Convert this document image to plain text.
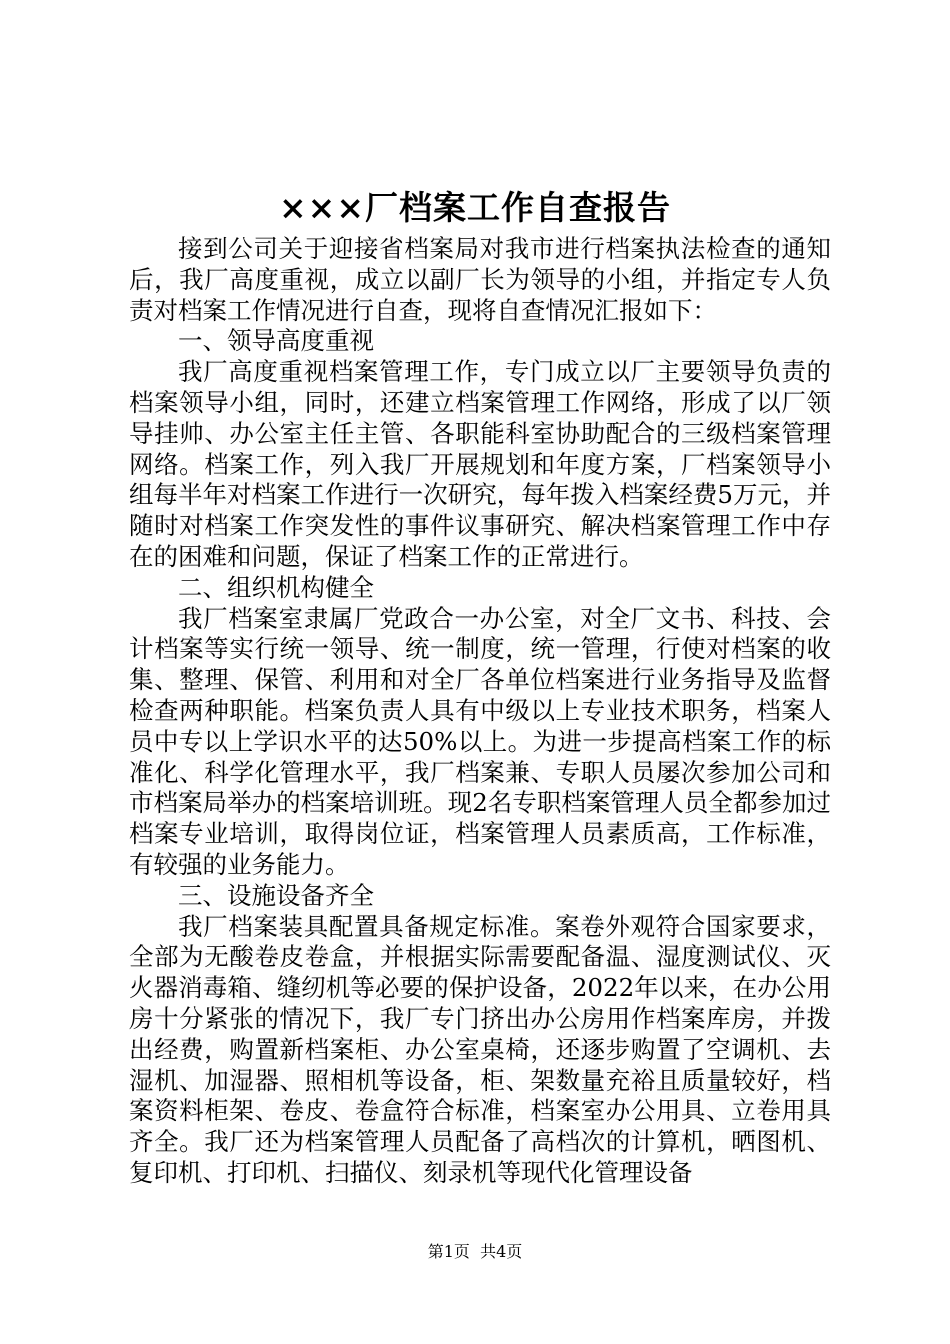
×××厂档案工作自查报告

接到公司关于迎接省档案局对我市进行档案执法检查的通知后，我厂高度重视，成立以副厂长为领导的小组，并指定专人负责对档案工作情况进行自查，现将自查情况汇报如下：

一、领导高度重视

我厂高度重视档案管理工作，专门成立以厂主要领导负责的档案领导小组，同时，还建立档案管理工作网络，形成了以厂领导挂帅、办公室主任主管、各职能科室协助配合的三级档案管理网络。档案工作，列入我厂开展规划和年度方案，厂档案领导小组每半年对档案工作进行一次研究，每年拨入档案经费5万元，并随时对档案工作突发性的事件议事研究、解决档案管理工作中存在的困难和问题，保证了档案工作的正常进行。

二、组织机构健全

我厂档案室隶属厂党政合一办公室，对全厂文书、科技、会计档案等实行统一领导、统一制度，统一管理，行使对档案的收集、整理、保管、利用和对全厂各单位档案进行业务指导及监督检查两种职能。档案负责人具有中级以上专业技术职务，档案人员中专以上学识水平的达50%以上。为进一步提高档案工作的标准化、科学化管理水平，我厂档案兼、专职人员屡次参加公司和市档案局举办的档案培训班。现2名专职档案管理人员全都参加过档案专业培训，取得岗位证，档案管理人员素质高，工作标准，有较强的业务能力。

三、设施设备齐全

我厂档案装具配置具备规定标准。案卷外观符合国家要求，全部为无酸卷皮卷盒，并根据实际需要配备温、湿度测试仪、灭火器消毒箱、缝纫机等必要的保护设备，2022年以来，在办公用房十分紧张的情况下，我厂专门挤出办公房用作档案库房，并拨出经费，购置新档案柜、办公室桌椅，还逐步购置了空调机、去湿机、加湿器、照相机等设备，柜、架数量充裕且质量较好，档案资料柜架、卷皮、卷盒符合标准，档案室办公用具、立卷用具齐全。我厂还为档案管理人员配备了高档次的计算机，晒图机、复印机、打印机、扫描仪、刻录机等现代化管理设备

第1页 共4页
